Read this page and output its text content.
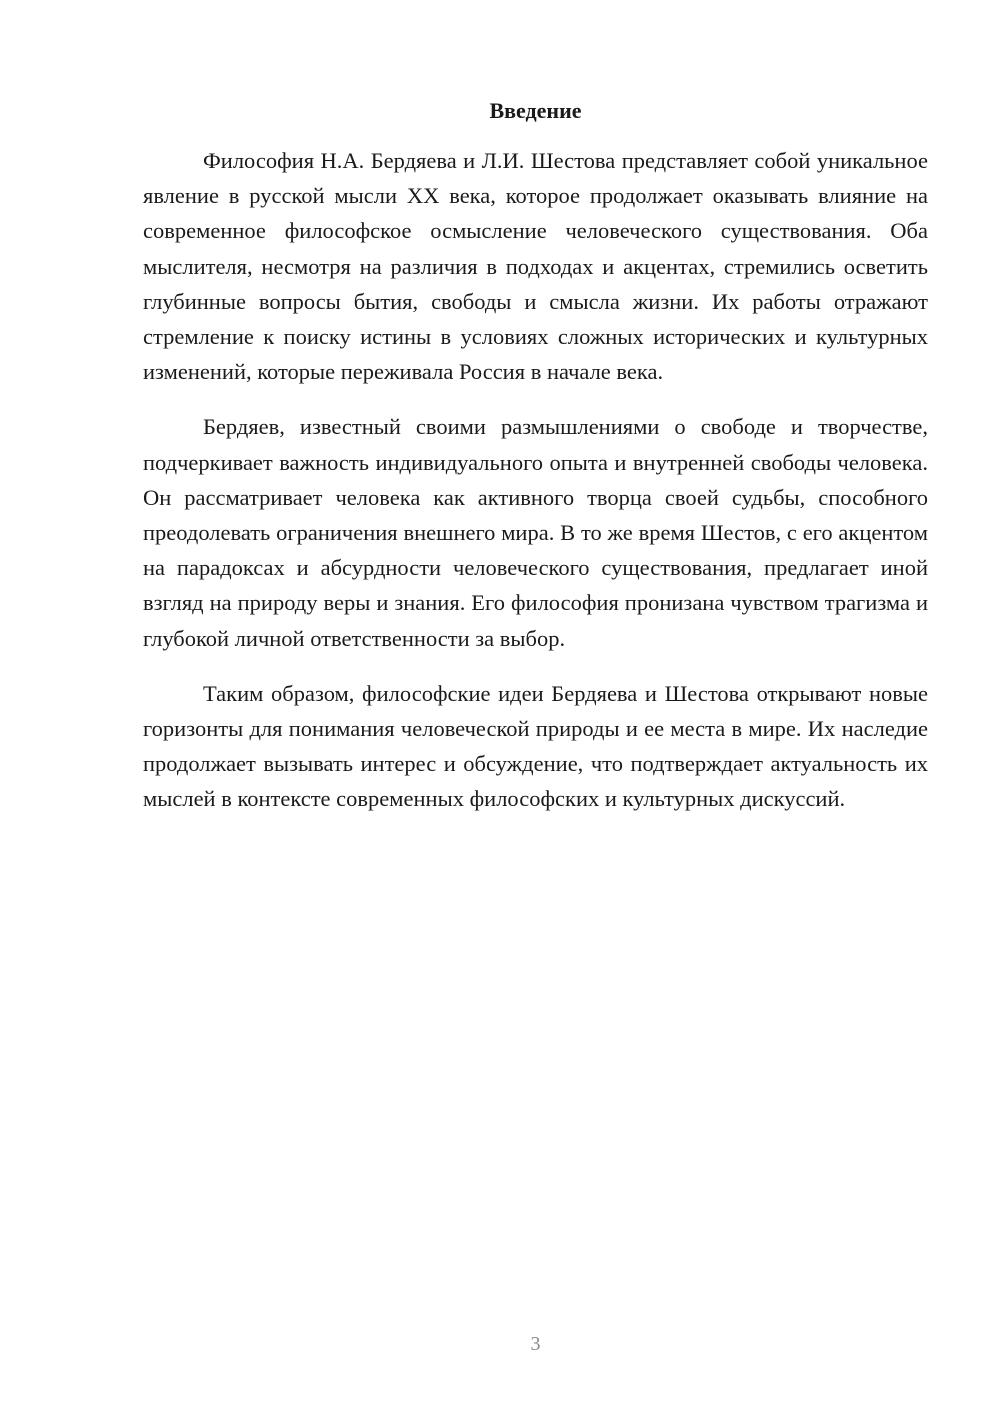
Введение

Философия Н.А. Бердяева и Л.И. Шестова представляет собой уникальное явление в русской мысли XX века, которое продолжает оказывать влияние на современное философское осмысление человеческого существования. Оба мыслителя, несмотря на различия в подходах и акцентах, стремились осветить глубинные вопросы бытия, свободы и смысла жизни. Их работы отражают стремление к поиску истины в условиях сложных исторических и культурных изменений, которые переживала Россия в начале века.

Бердяев, известный своими размышлениями о свободе и творчестве, подчеркивает важность индивидуального опыта и внутренней свободы человека. Он рассматривает человека как активного творца своей судьбы, способного преодолевать ограничения внешнего мира. В то же время Шестов, с его акцентом на парадоксах и абсурдности человеческого существования, предлагает иной взгляд на природу веры и знания. Его философия пронизана чувством трагизма и глубокой личной ответственности за выбор.

Таким образом, философские идеи Бердяева и Шестова открывают новые горизонты для понимания человеческой природы и ее места в мире. Их наследие продолжает вызывать интерес и обсуждение, что подтверждает актуальность их мыслей в контексте современных философских и культурных дискуссий.

3
